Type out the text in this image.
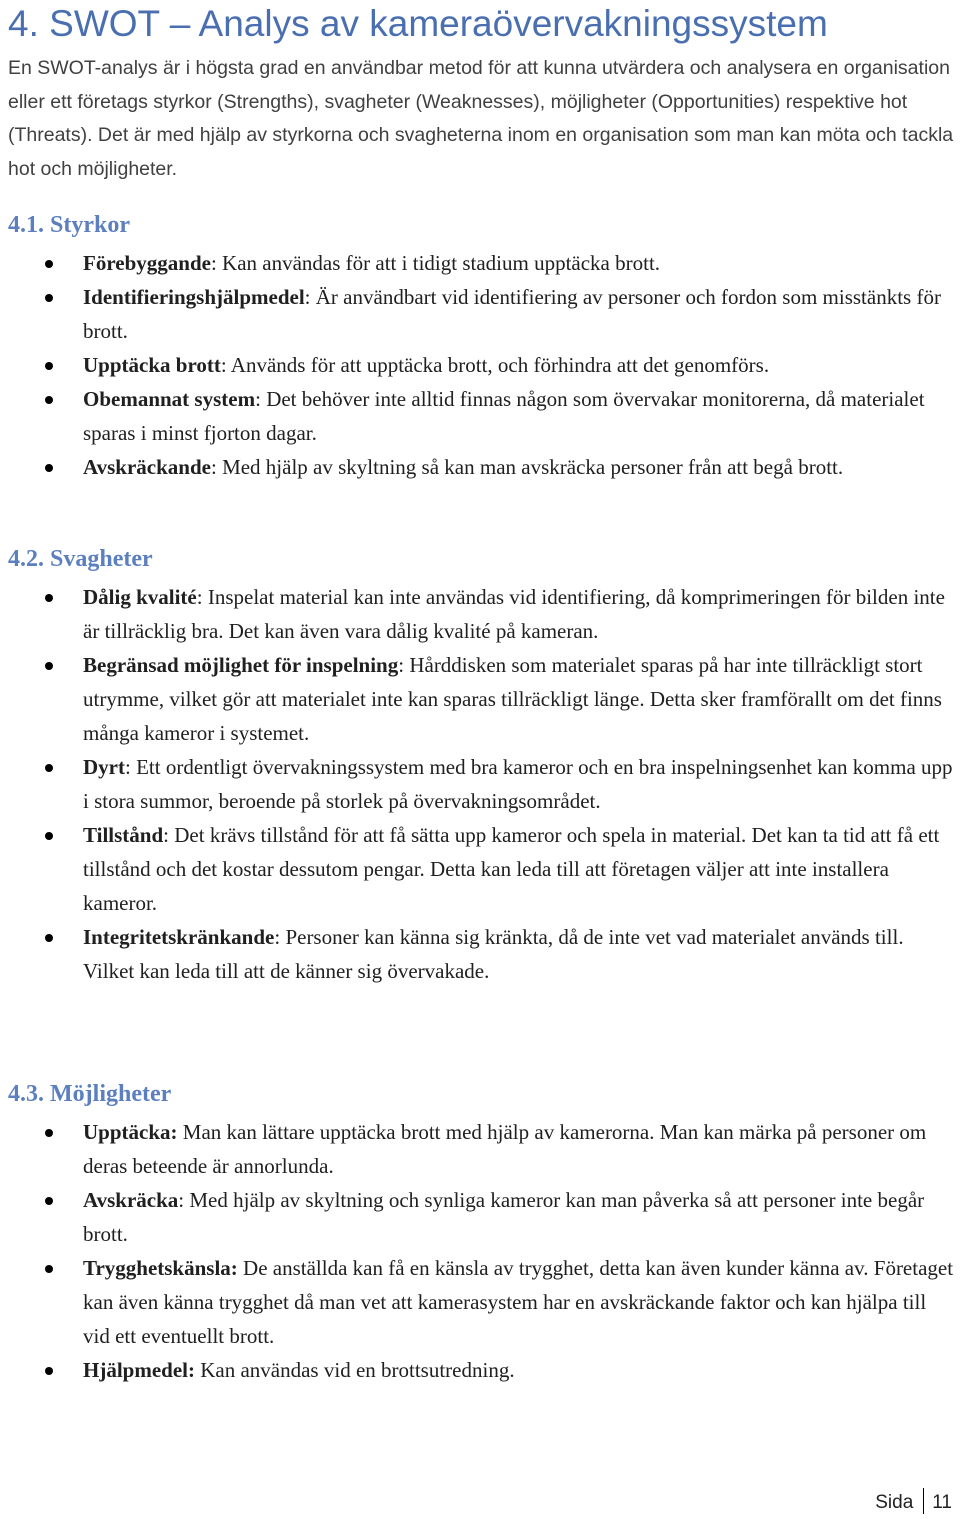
4. SWOT – Analys av kameraövervakningssystem

En SWOT-analys är i högsta grad en användbar metod för att kunna utvärdera och analysera en organisation eller ett företags styrkor (Strengths), svagheter (Weaknesses), möjligheter (Opportunities) respektive hot (Threats). Det är med hjälp av styrkorna och svagheterna inom en organisation som man kan möta och tackla hot och möjligheter.

4.1. Styrkor
Förebyggande: Kan användas för att i tidigt stadium upptäcka brott.
Identifieringshjälpmedel: Är användbart vid identifiering av personer och fordon som misstänkts för brott.
Upptäcka brott: Används för att upptäcka brott, och förhindra att det genomförs.
Obemannat system: Det behöver inte alltid finnas någon som övervakar monitorerna, då materialet sparas i minst fjorton dagar.
Avskräckande: Med hjälp av skyltning så kan man avskräcka personer från att begå brott.
4.2. Svagheter
Dålig kvalité: Inspelat material kan inte användas vid identifiering, då komprimeringen för bilden inte är tillräcklig bra. Det kan även vara dålig kvalité på kameran.
Begränsad möjlighet för inspelning: Hårddisken som materialet sparas på har inte tillräckligt stort utrymme, vilket gör att materialet inte kan sparas tillräckligt länge. Detta sker framförallt om det finns många kameror i systemet.
Dyrt: Ett ordentligt övervakningssystem med bra kameror och en bra inspelningsenhet kan komma upp i stora summor, beroende på storlek på övervakningsområdet.
Tillstånd: Det krävs tillstånd för att få sätta upp kameror och spela in material. Det kan ta tid att få ett tillstånd och det kostar dessutom pengar. Detta kan leda till att företagen väljer att inte installera kameror.
Integritetskränkande: Personer kan känna sig kränkta, då de inte vet vad materialet används till. Vilket kan leda till att de känner sig övervakade.
4.3. Möjligheter
Upptäcka: Man kan lättare upptäcka brott med hjälp av kamerorna. Man kan märka på personer om deras beteende är annorlunda.
Avskräcka: Med hjälp av skyltning och synliga kameror kan man påverka så att personer inte begår brott.
Trygghetskänsla: De anställda kan få en känsla av trygghet, detta kan även kunder känna av. Företaget kan även känna trygghet då man vet att kamerasystem har en avskräckande faktor och kan hjälpa till vid ett eventuellt brott.
Hjälpmedel: Kan användas vid en brottsutredning.
Sida 11
